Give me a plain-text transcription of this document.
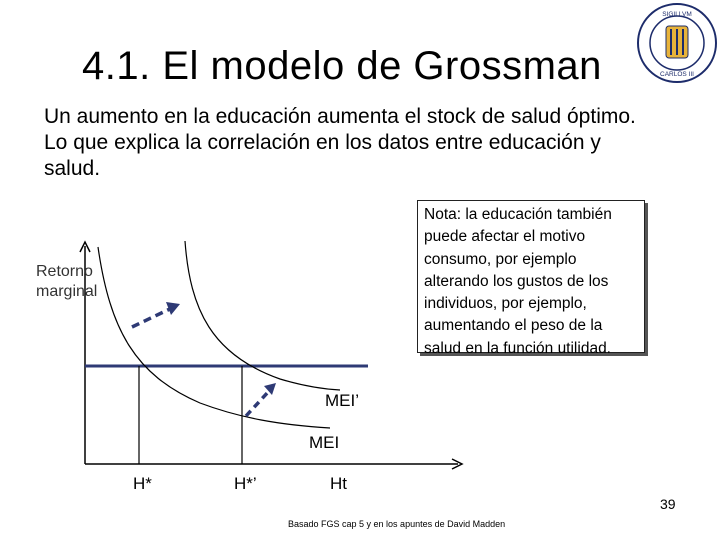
4.1. El modelo de Grossman
Un aumento en la educación aumenta el stock de salud óptimo. Lo que explica la correlación en los datos entre educación y salud.
SIGILLVM
CARLOS III
Retorno
marginal
MEI’
MEI
H*	H*’	Ht
Nota: la educación también puede afectar el motivo consumo, por ejemplo alterando los gustos de los individuos, por ejemplo, aumentando el peso de la salud en la función utilidad.
39
Basado FGS cap 5 y en los apuntes de David Madden
